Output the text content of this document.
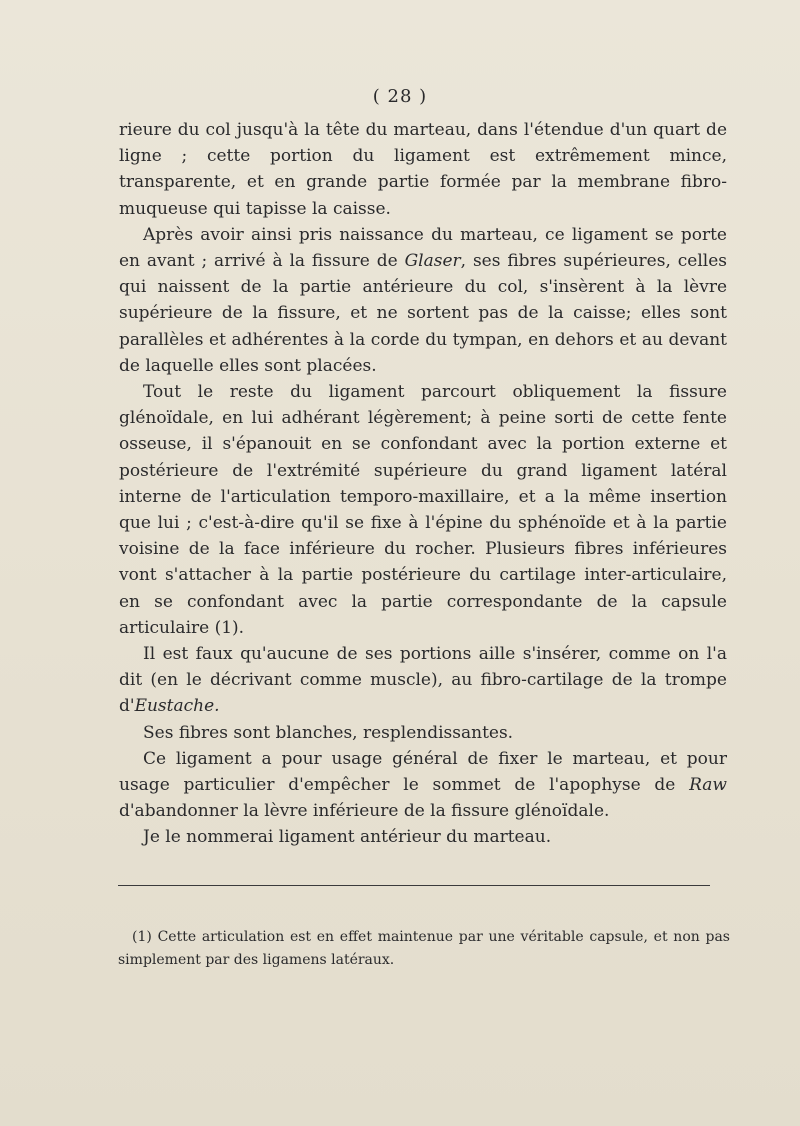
( 28 )

rieure du col jusqu'à la tête du marteau, dans l'étendue d'un quart de ligne ; cette portion du ligament est extrêmement mince, transparente, et en grande partie formée par la membrane fibro-muqueuse qui tapisse la caisse.

Après avoir ainsi pris naissance du marteau, ce ligament se porte en avant ; arrivé à la fissure de Glaser, ses fibres supérieures, celles qui naissent de la partie antérieure du col, s'insèrent à la lèvre supérieure de la fissure, et ne sortent pas de la caisse; elles sont parallèles et adhérentes à la corde du tympan, en dehors et au devant de laquelle elles sont placées.

Tout le reste du ligament parcourt obliquement la fissure glénoïdale, en lui adhérant légèrement; à peine sorti de cette fente osseuse, il s'épanouit en se confondant avec la portion externe et postérieure de l'extrémité supérieure du grand ligament latéral interne de l'articulation temporo-maxillaire, et a la même insertion que lui ; c'est-à-dire qu'il se fixe à l'épine du sphénoïde et à la partie voisine de la face inférieure du rocher. Plusieurs fibres inférieures vont s'attacher à la partie postérieure du cartilage inter-articulaire, en se confondant avec la partie correspondante de la capsule articulaire (1).

Il est faux qu'aucune de ses portions aille s'insérer, comme on l'a dit (en le décrivant comme muscle), au fibro-cartilage de la trompe d'Eustache.

Ses fibres sont blanches, resplendissantes.

Ce ligament a pour usage général de fixer le marteau, et pour usage particulier d'empêcher le sommet de l'apophyse de Raw d'abandonner la lèvre inférieure de la fissure glénoïdale.

Je le nommerai ligament antérieur du marteau.

(1) Cette articulation est en effet maintenue par une véritable capsule, et non pas simplement par des ligamens latéraux.
